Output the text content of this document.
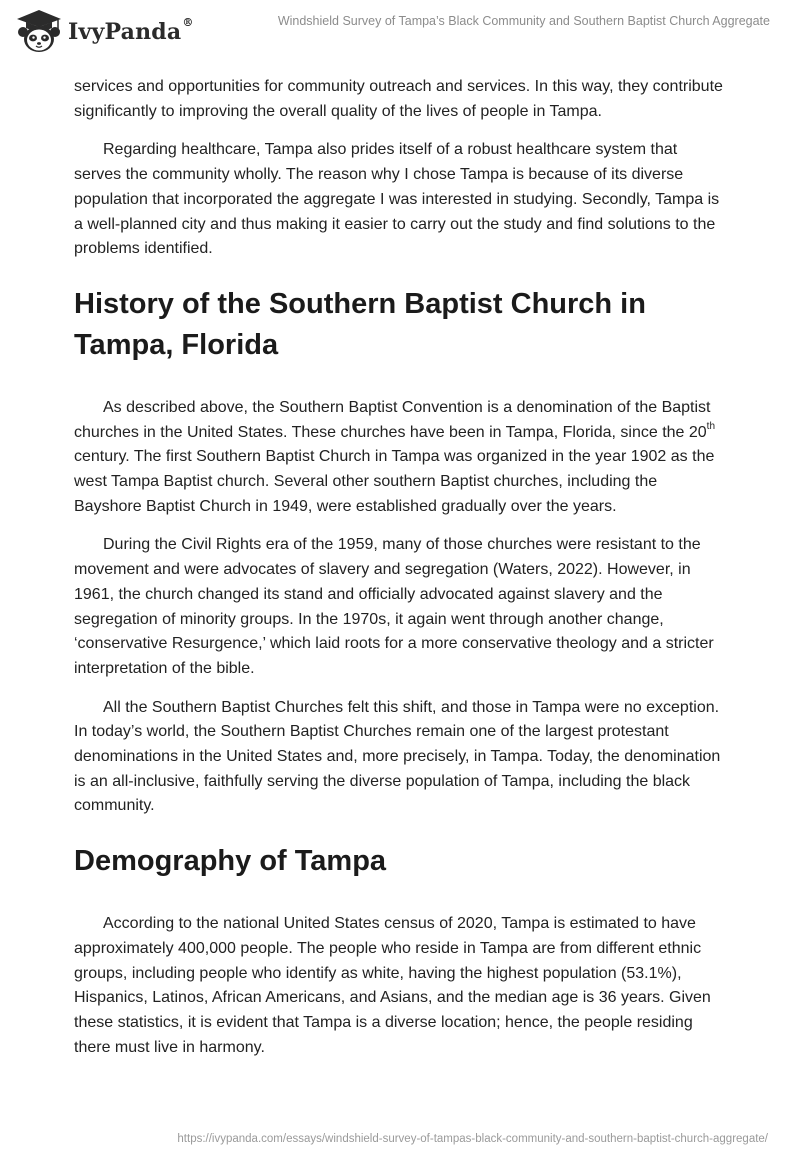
IvyPanda®	Windshield Survey of Tampa’s Black Community and Southern Baptist Church Aggregate

services and opportunities for community outreach and services. In this way, they contribute significantly to improving the overall quality of the lives of people in Tampa.

Regarding healthcare, Tampa also prides itself of a robust healthcare system that serves the community wholly. The reason why I chose Tampa is because of its diverse population that incorporated the aggregate I was interested in studying. Secondly, Tampa is a well-planned city and thus making it easier to carry out the study and find solutions to the problems identified.

History of the Southern Baptist Church in Tampa, Florida

As described above, the Southern Baptist Convention is a denomination of the Baptist churches in the United States. These churches have been in Tampa, Florida, since the 20th century. The first Southern Baptist Church in Tampa was organized in the year 1902 as the west Tampa Baptist church. Several other southern Baptist churches, including the Bayshore Baptist Church in 1949, were established gradually over the years.

During the Civil Rights era of the 1959, many of those churches were resistant to the movement and were advocates of slavery and segregation (Waters, 2022). However, in 1961, the church changed its stand and officially advocated against slavery and the segregation of minority groups. In the 1970s, it again went through another change, ‘conservative Resurgence,’ which laid roots for a more conservative theology and a stricter interpretation of the bible.

All the Southern Baptist Churches felt this shift, and those in Tampa were no exception. In today’s world, the Southern Baptist Churches remain one of the largest protestant denominations in the United States and, more precisely, in Tampa. Today, the denomination is an all-inclusive, faithfully serving the diverse population of Tampa, including the black community.

Demography of Tampa

According to the national United States census of 2020, Tampa is estimated to have approximately 400,000 people. The people who reside in Tampa are from different ethnic groups, including people who identify as white, having the highest population (53.1%), Hispanics, Latinos, African Americans, and Asians, and the median age is 36 years. Given these statistics, it is evident that Tampa is a diverse location; hence, the people residing there must live in harmony.

https://ivypanda.com/essays/windshield-survey-of-tampas-black-community-and-southern-baptist-church-aggregate/
